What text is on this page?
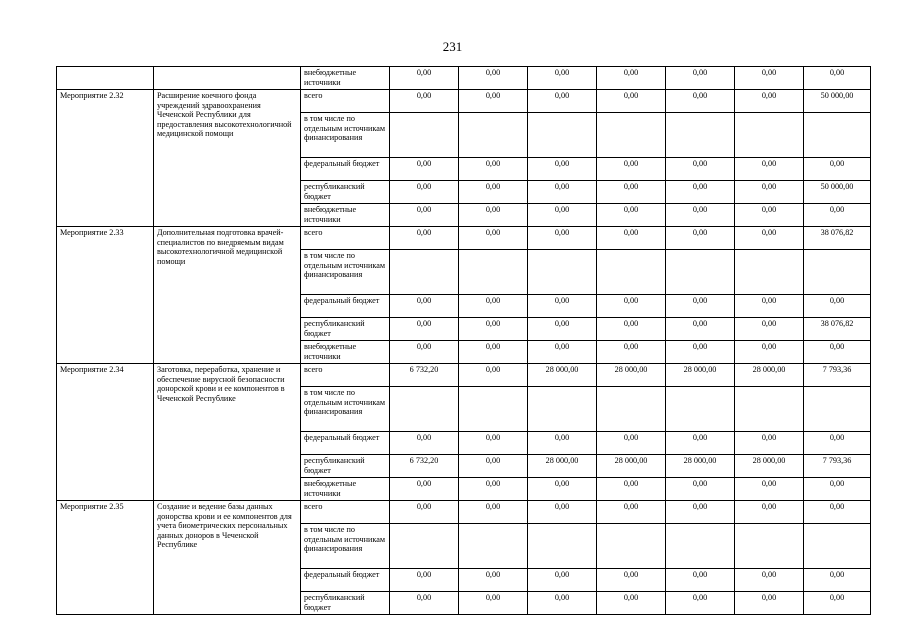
231
		внебюджетные источники	0,00	0,00	0,00	0,00	0,00	0,00	0,00
Мероприятие 2.32	Расширение коечного фонда учреждений здравоохранения Чеченской Республики для предоставления высокотехнологичной медицинской помощи	всего	0,00	0,00	0,00	0,00	0,00	0,00	50 000,00
		в том числе по отдельным источникам финансирования							
		федеральный бюджет	0,00	0,00	0,00	0,00	0,00	0,00	0,00
		республиканский бюджет	0,00	0,00	0,00	0,00	0,00	0,00	50 000,00
		внебюджетные источники	0,00	0,00	0,00	0,00	0,00	0,00	0,00
Мероприятие 2.33	Дополнительная подготовка врачей-специалистов по внедряемым видам высокотехнологичной медицинской помощи	всего	0,00	0,00	0,00	0,00	0,00	0,00	38 076,82
		в том числе по отдельным источникам финансирования							
		федеральный бюджет	0,00	0,00	0,00	0,00	0,00	0,00	0,00
		республиканский бюджет	0,00	0,00	0,00	0,00	0,00	0,00	38 076,82
		внебюджетные источники	0,00	0,00	0,00	0,00	0,00	0,00	0,00
Мероприятие 2.34	Заготовка, переработка, хранение и обеспечение вирусной безопасности донорской крови и ее компонентов в Чеченской Республике	всего	6 732,20	0,00	28 000,00	28 000,00	28 000,00	28 000,00	7 793,36
		в том числе по отдельным источникам финансирования							
		федеральный бюджет	0,00	0,00	0,00	0,00	0,00	0,00	0,00
		республиканский бюджет	6 732,20	0,00	28 000,00	28 000,00	28 000,00	28 000,00	7 793,36
		внебюджетные источники	0,00	0,00	0,00	0,00	0,00	0,00	0,00
Мероприятие 2.35	Создание и ведение базы данных донорства крови и ее компонентов для учета биометрических персональных данных доноров в Чеченской Республике	всего	0,00	0,00	0,00	0,00	0,00	0,00	0,00
		в том числе по отдельным источникам финансирования							
		федеральный бюджет	0,00	0,00	0,00	0,00	0,00	0,00	0,00
		республиканский бюджет	0,00	0,00	0,00	0,00	0,00	0,00	0,00
